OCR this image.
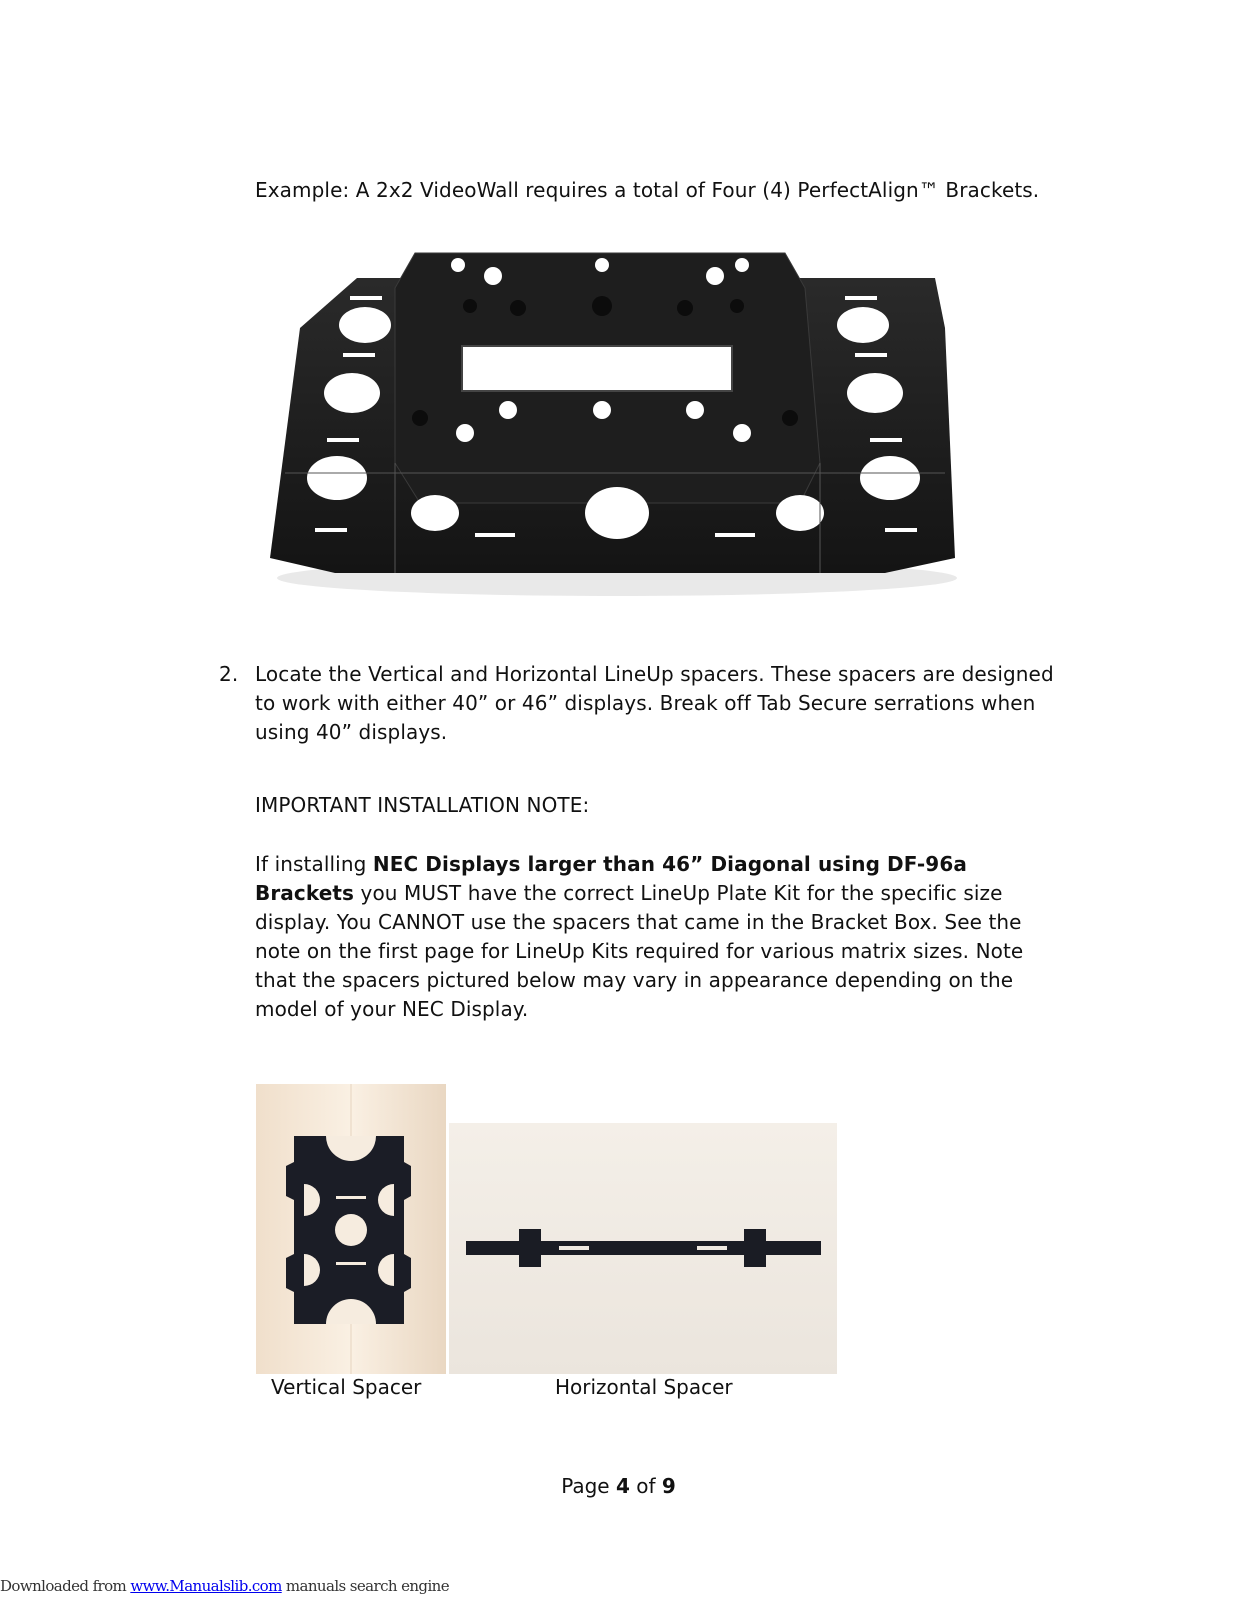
Example: A 2x2 VideoWall requires a total of Four (4) PerfectAlign™ Brackets.
2. Locate the Vertical and Horizontal LineUp spacers. These spacers are designed to work with either 40” or 46” displays. Break off Tab Secure serrations when using 40” displays.
IMPORTANT INSTALLATION NOTE:
If installing NEC Displays larger than 46” Diagonal using DF-96a Brackets you MUST have the correct LineUp Plate Kit for the specific size display. You CANNOT use the spacers that came in the Bracket Box. See the note on the first page for LineUp Kits required for various matrix sizes. Note that the spacers pictured below may vary in appearance depending on the model of your NEC Display.
Vertical Spacer	Horizontal Spacer
Page 4 of 9
Downloaded from www.Manualslib.com manuals search engine
